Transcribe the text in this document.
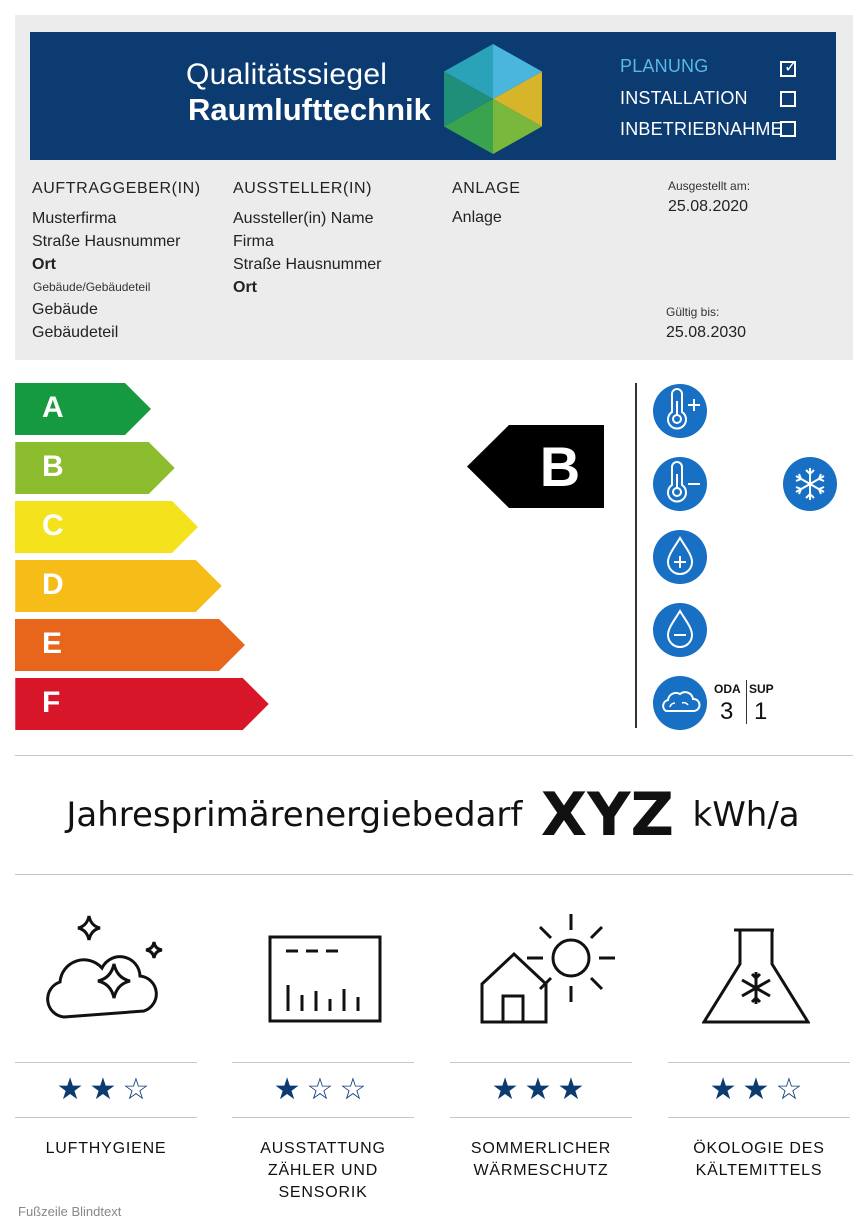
Qualitätssiegel
Raumlufttechnik
PLANUNG
INSTALLATION
INBETRIEBNAHME
✓
AUFTRAGGEBER(IN)
Musterfirma
Straße Hausnummer
Ort
Gebäude/Gebäudeteil
Gebäude
Gebäudeteil
AUSSTELLER(IN)
Aussteller(in) Name
Firma
Straße Hausnummer
Ort
ANLAGE
Anlage
Ausgestellt am:
25.08.2020
Gültig bis:
25.08.2030
A
B
C
D
E
F
B
ODA SUP
3 1
Jahresprimärenergiebedarf XYZ kWh/a
★★☆
LUFTHYGIENE
★☆☆
AUSSTATTUNG
ZÄHLER UND SENSORIK
★★★
SOMMERLICHER
WÄRMESCHUTZ
★★☆
ÖKOLOGIE DES
KÄLTEMITTELS
Fußzeile Blindtext
